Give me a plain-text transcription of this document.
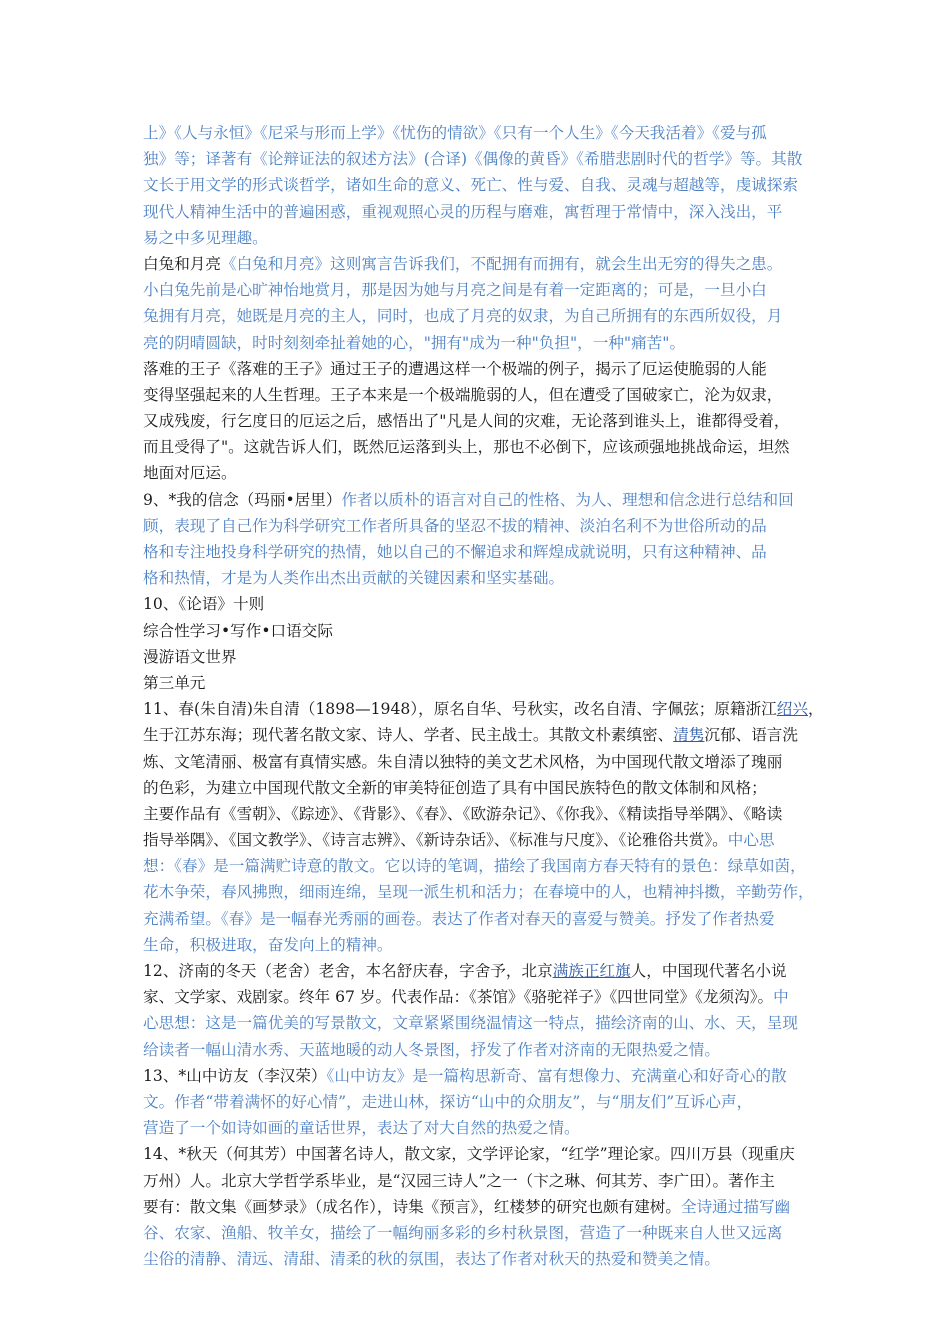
上》《人与永恒》《尼采与形而上学》《忧伤的情欲》《只有一个人生》《今天我活着》《爱与孤
独》等；译著有《论辩证法的叙述方法》(合译)《偶像的黄昏》《希腊悲剧时代的哲学》等。其散
文长于用文学的形式谈哲学，诸如生命的意义、死亡、性与爱、自我、灵魂与超越等，虔诚探索
现代人精神生活中的普遍困惑，重视观照心灵的历程与磨难，寓哲理于常情中，深入浅出，平
易之中多见理趣。
白兔和月亮《白兔和月亮》这则寓言告诉我们，不配拥有而拥有，就会生出无穷的得失之患。
小白兔先前是心旷神怡地赏月，那是因为她与月亮之间是有着一定距离的；可是，一旦小白
兔拥有月亮，她既是月亮的主人，同时，也成了月亮的奴隶，为自己所拥有的东西所奴役，月
亮的阴晴圆缺，时时刻刻牵扯着她的心，"拥有"成为一种"负担"，一种"痛苦"。
落难的王子《落难的王子》通过王子的遭遇这样一个极端的例子，揭示了厄运使脆弱的人能
变得坚强起来的人生哲理。王子本来是一个极端脆弱的人，但在遭受了国破家亡，沦为奴隶，
又成残废，行乞度日的厄运之后，感悟出了"凡是人间的灾难，无论落到谁头上，谁都得受着，
而且受得了"。这就告诉人们，既然厄运落到头上，那也不必倒下，应该顽强地挑战命运，坦然
地面对厄运。
9、*我的信念（玛丽•居里）作者以质朴的语言对自己的性格、为人、理想和信念进行总结和回
顾，表现了自己作为科学研究工作者所具备的坚忍不拔的精神、淡泊名利不为世俗所动的品
格和专注地投身科学研究的热情，她以自己的不懈追求和辉煌成就说明，只有这种精神、品
格和热情，才是为人类作出杰出贡献的关键因素和坚实基础。
10、《论语》十则
综合性学习•写作•口语交际
漫游语文世界
第三单元
11、春(朱自清)朱自清（1898—1948），原名自华、号秋实，改名自清、字佩弦；原籍浙江绍兴，
生于江苏东海；现代著名散文家、诗人、学者、民主战士。其散文朴素缜密、清隽沉郁、语言洗
炼、文笔清丽、极富有真情实感。朱自清以独特的美文艺术风格，为中国现代散文增添了瑰丽
的色彩，为建立中国现代散文全新的审美特征创造了具有中国民族特色的散文体制和风格；
主要作品有《雪朝》、《踪迹》、《背影》、《春》、《欧游杂记》、《你我》、《精读指导举隅》、《略读
指导举隅》、《国文教学》、《诗言志辨》、《新诗杂话》、《标准与尺度》、《论雅俗共赏》。中心思
想：《春》是一篇满贮诗意的散文。它以诗的笔调，描绘了我国南方春天特有的景色：绿草如茵，
花木争荣，春风拂煦，细雨连绵，呈现一派生机和活力；在春境中的人，也精神抖擞，辛勤劳作，
充满希望。《春》是一幅春光秀丽的画卷。表达了作者对春天的喜爱与赞美。抒发了作者热爱
生命，积极进取，奋发向上的精神。
12、济南的冬天（老舍）老舍，本名舒庆春，字舍予，北京满族正红旗人，中国现代著名小说
家、文学家、戏剧家。终年 67 岁。代表作品：《茶馆》《骆驼祥子》《四世同堂》《龙须沟》。中
心思想：这是一篇优美的写景散文，文章紧紧围绕温情这一特点，描绘济南的山、水、天，呈现
给读者一幅山清水秀、天蓝地暖的动人冬景图，抒发了作者对济南的无限热爱之情。
13、*山中访友（李汉荣）《山中访友》是一篇构思新奇、富有想像力、充满童心和好奇心的散
文。作者“带着满怀的好心情”，走进山林，探访“山中的众朋友”，与“朋友们”互诉心声，
营造了一个如诗如画的童话世界，表达了对大自然的热爱之情。
14、*秋天（何其芳）中国著名诗人，散文家，文学评论家，“红学”理论家。四川万县（现重庆
万州）人。北京大学哲学系毕业，是“汉园三诗人”之一（卞之琳、何其芳、李广田）。著作主
要有：散文集《画梦录》（成名作），诗集《预言》，红楼梦的研究也颇有建树。全诗通过描写幽
谷、农家、渔船、牧羊女，描绘了一幅绚丽多彩的乡村秋景图，营造了一种既来自人世又远离
尘俗的清静、清远、清甜、清柔的秋的氛围，表达了作者对秋天的热爱和赞美之情。
